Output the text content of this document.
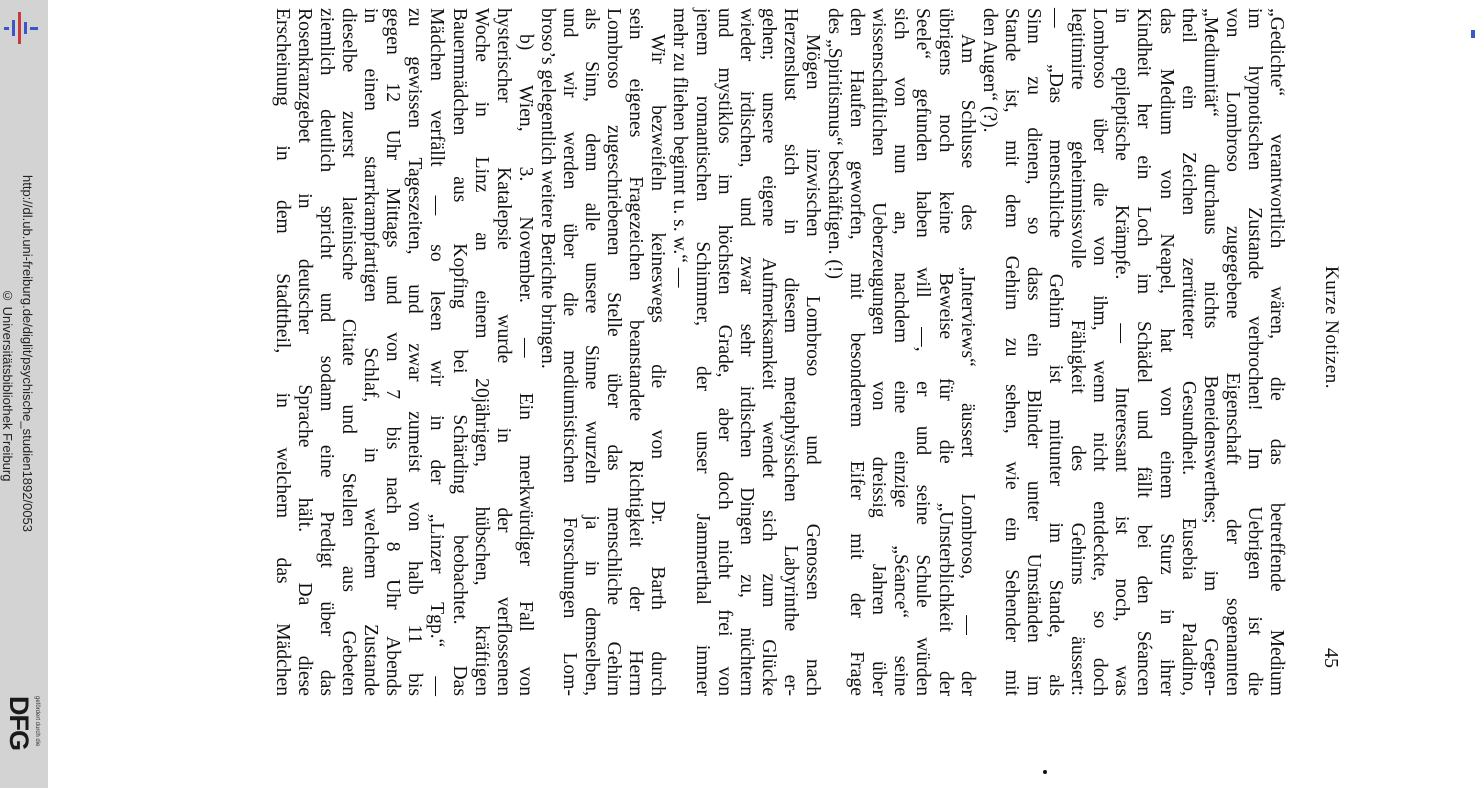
http://dl.ub.uni-freiburg.de/diglit/psychische_studien1892/0053
© Universitätsbibliothek Freiburg
DFG gefördert durch die
Kurze Notizen.
45
„Gedichte“ verantwortlich wären, die das betreffende Medium
im hypnotischen Zustande verbrochen! Im Uebrigen ist die
von Lombroso zugegebene Eigenschaft der sogenannten
„Mediumität“ durchaus nichts Beneidenswerthes; im Gegen-
theil ein Zeichen zerrütteter Gesundheit. Eusebia Paladino,
das Medium von Neapel, hat von einem Sturz in ihrer
Kindheit her ein Loch im Schädel und fällt bei den Séancen
in epileptische Krämpfe. — Interessant ist noch, was
Lombroso über die von ihm, wenn nicht entdeckte, so doch
legitimirte geheimnissvolle Fähigkeit des Gehirns äussert:
— „Das menschliche Gehirn ist mitunter im Stande, als
Sinn zu dienen, so dass ein Blinder unter Umständen im
Stande ist, mit dem Gehirn zu sehen, wie ein Sehender mit
den Augen“ (?).
Am Schlusse des „Interviews“ äussert Lombroso, — der
übrigens noch keine Beweise für die „Unsterblichkeit der
Seele“ gefunden haben will —, er und seine Schule würden
sich von nun an, nachdem eine einzige „Séance“ seine
wissenschaftlichen Ueberzeugungen von dreissig Jahren über
den Haufen geworfen, mit besonderem Eifer mit der Frage
des „Spiritismus“ beschäftigen. (!)
Mögen inzwischen Lombroso und Genossen nach
Herzenslust sich in diesem metaphysischen Labyrinthe er-
gehen; unsere eigene Aufmerksamkeit wendet sich zum Glücke
wieder irdischen, und zwar sehr irdischen Dingen zu, nüchtern
und mystiklos im höchsten Grade, aber doch nicht frei von
jenem romantischen Schimmer, der unser Jammerthal immer
mehr zu fliehen beginnt u. s. w.“ —
Wir bezweifeln keineswegs die von Dr. Barth durch
sein eigenes Fragezeichen beanstandete Richtigkeit der Herrn
Lombroso zugeschriebenen Stelle über das menschliche Gehirn
als Sinn, denn alle unsere Sinne wurzeln ja in demselben,
und wir werden über die mediumistischen Forschungen Lom-
broso’s gelegentlich weitere Berichte bringen.
b) Wien, 3. November. — Ein merkwürdiger Fall von
hysterischer Katalepsie wurde in der verflossenen
Woche in Linz an einem 20jährigen, hübschen, kräftigen
Bauernmädchen aus Kopfing bei Schärding beobachtet. Das
Mädchen verfällt — so lesen wir in der „Linzer Tgp.“ —
zu gewissen Tageszeiten, und zwar zumeist von halb 11 bis
gegen 12 Uhr Mittags und von 7 bis nach 8 Uhr Abends
in einen starrkrampfartigen Schlaf, in welchem Zustande
dieselbe zuerst lateinische Citate und Stellen aus Gebeten
ziemlich deutlich spricht und sodann eine Predigt über das
Rosenkranzgebet in deutscher Sprache hält. Da diese
Erscheinung in dem Stadttheil, in welchem das Mädchen
